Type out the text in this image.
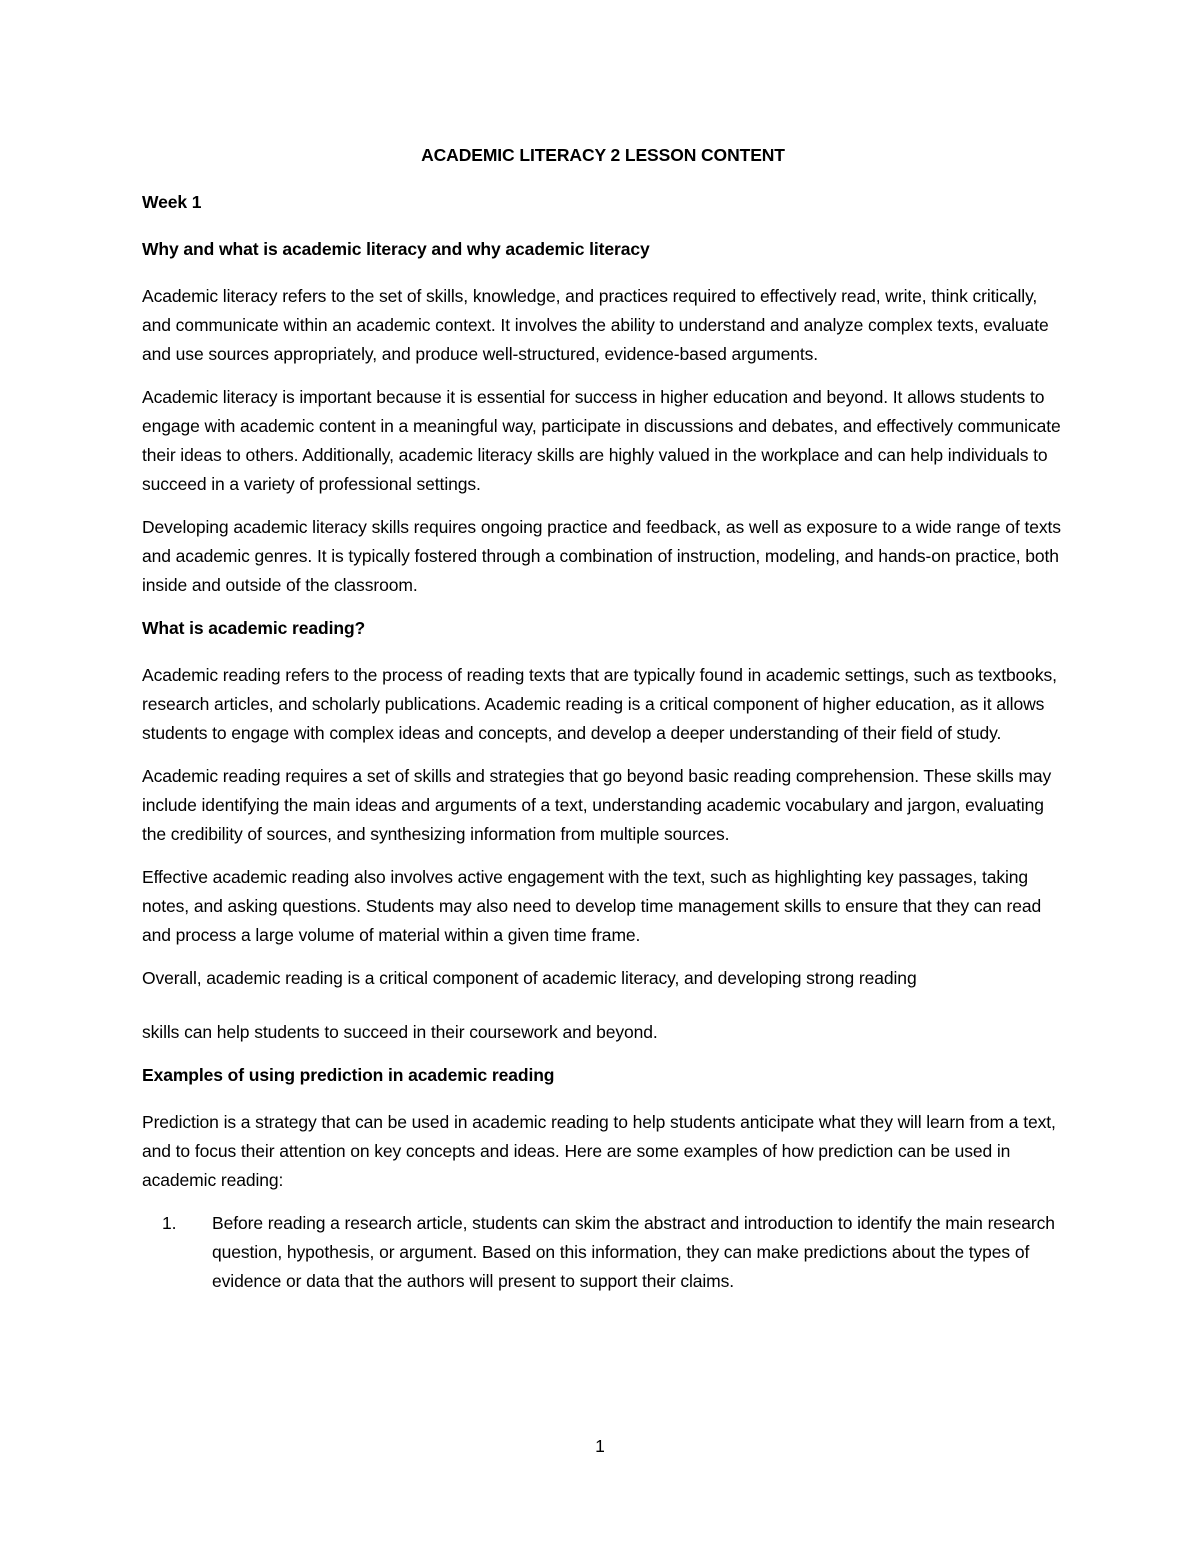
ACADEMIC LITERACY 2 LESSON CONTENT
Week 1
Why and what is academic literacy and why academic literacy

Academic literacy refers to the set of skills, knowledge, and practices required to effectively read, write, think critically, and communicate within an academic context. It involves the ability to understand and analyze complex texts, evaluate and use sources appropriately, and produce well-structured, evidence-based arguments.

Academic literacy is important because it is essential for success in higher education and beyond. It allows students to engage with academic content in a meaningful way, participate in discussions and debates, and effectively communicate their ideas to others. Additionally, academic literacy skills are highly valued in the workplace and can help individuals to succeed in a variety of professional settings.

Developing academic literacy skills requires ongoing practice and feedback, as well as exposure to a wide range of texts and academic genres. It is typically fostered through a combination of instruction, modeling, and hands-on practice, both inside and outside of the classroom.

What is academic reading?

Academic reading refers to the process of reading texts that are typically found in academic settings, such as textbooks, research articles, and scholarly publications. Academic reading is a critical component of higher education, as it allows students to engage with complex ideas and concepts, and develop a deeper understanding of their field of study.

Academic reading requires a set of skills and strategies that go beyond basic reading comprehension. These skills may include identifying the main ideas and arguments of a text, understanding academic vocabulary and jargon, evaluating the credibility of sources, and synthesizing information from multiple sources.

Effective academic reading also involves active engagement with the text, such as highlighting key passages, taking notes, and asking questions. Students may also need to develop time management skills to ensure that they can read and process a large volume of material within a given time frame.

Overall, academic reading is a critical component of academic literacy, and developing strong reading

skills can help students to succeed in their coursework and beyond.

Examples of using prediction in academic reading

Prediction is a strategy that can be used in academic reading to help students anticipate what they will learn from a text, and to focus their attention on key concepts and ideas. Here are some examples of how prediction can be used in academic reading:

1. Before reading a research article, students can skim the abstract and introduction to identify the main research question, hypothesis, or argument. Based on this information, they can make predictions about the types of evidence or data that the authors will present to support their claims.
1
